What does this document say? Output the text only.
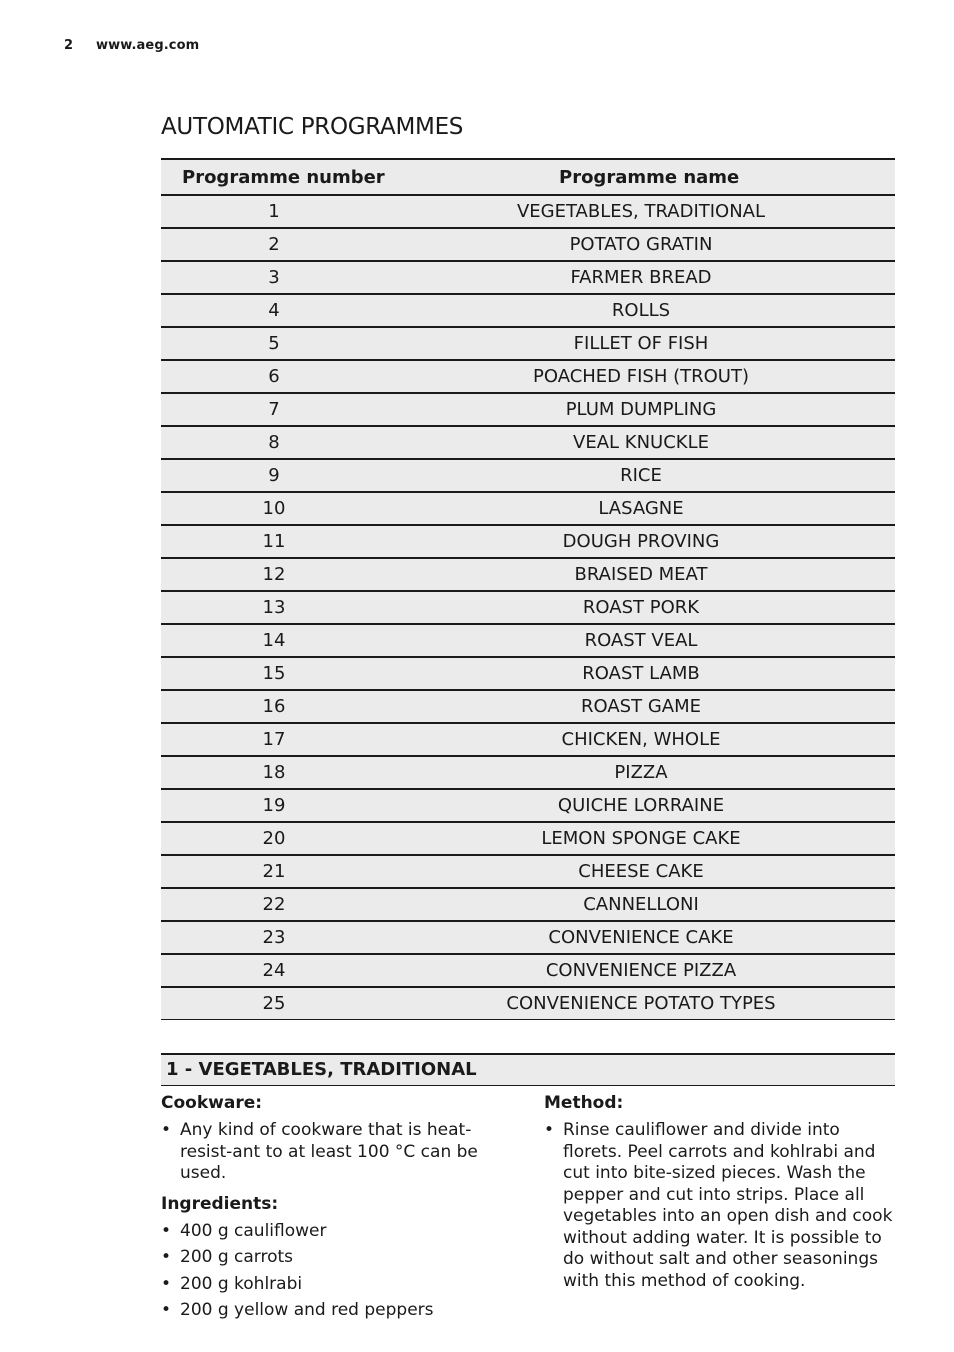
2 www.aeg.com
AUTOMATIC PROGRAMMES
Programme number	Programme name
1	VEGETABLES, TRADITIONAL
2	POTATO GRATIN
3	FARMER BREAD
4	ROLLS
5	FILLET OF FISH
6	POACHED FISH (TROUT)
7	PLUM DUMPLING
8	VEAL KNUCKLE
9	RICE
10	LASAGNE
11	DOUGH PROVING
12	BRAISED MEAT
13	ROAST PORK
14	ROAST VEAL
15	ROAST LAMB
16	ROAST GAME
17	CHICKEN, WHOLE
18	PIZZA
19	QUICHE LORRAINE
20	LEMON SPONGE CAKE
21	CHEESE CAKE
22	CANNELLONI
23	CONVENIENCE CAKE
24	CONVENIENCE PIZZA
25	CONVENIENCE POTATO TYPES
1 - VEGETABLES, TRADITIONAL
Cookware:
• Any kind of cookware that is heat-resist-ant to at least 100 °C can be used.
Ingredients:
• 400 g cauliflower
• 200 g carrots
• 200 g kohlrabi
• 200 g yellow and red peppers
Method:
• Rinse cauliflower and divide into florets. Peel carrots and kohlrabi and cut into bite-sized pieces. Wash the pepper and cut into strips. Place all vegetables into an open dish and cook without adding water. It is possible to do without salt and other seasonings with this method of cooking.
